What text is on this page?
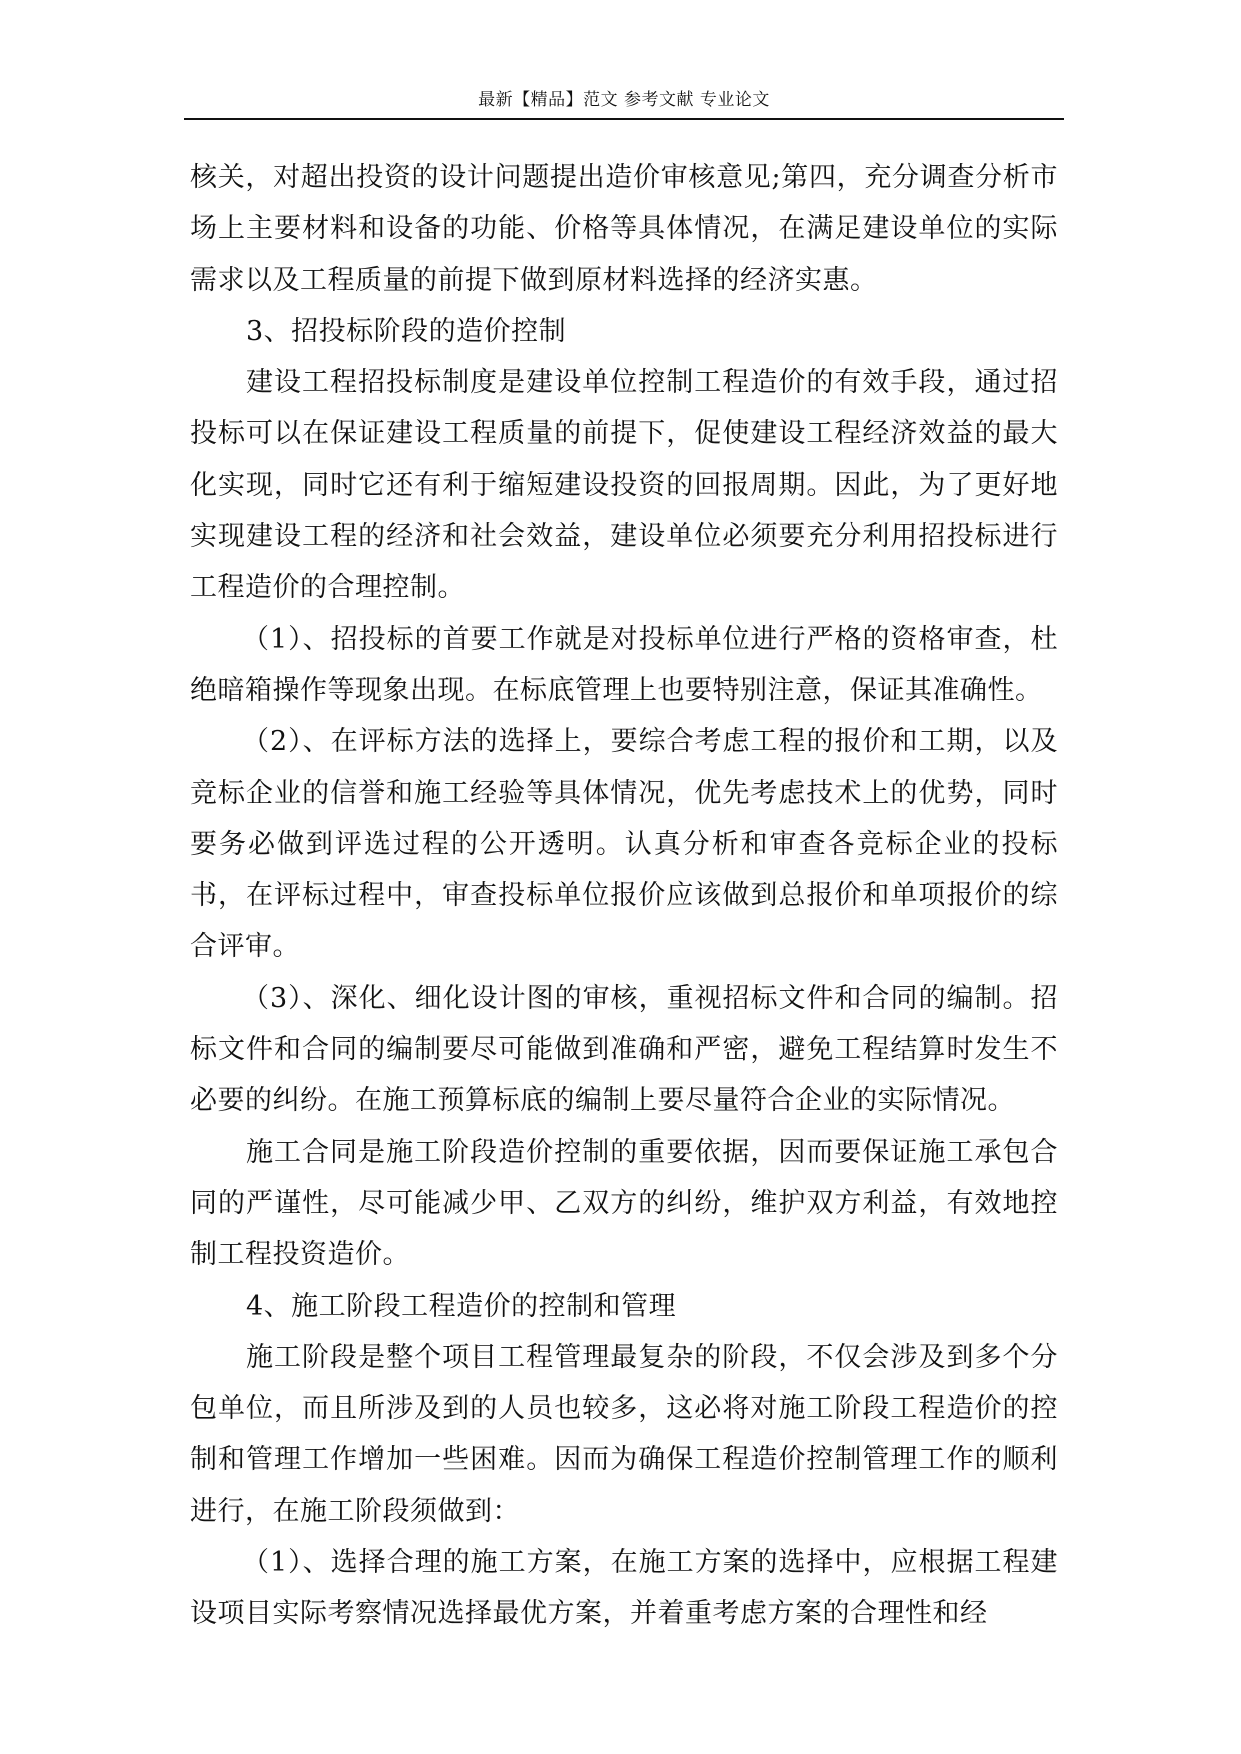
最新【精品】范文 参考文献 专业论文

核关，对超出投资的设计问题提出造价审核意见;第四，充分调查分析市场上主要材料和设备的功能、价格等具体情况，在满足建设单位的实际需求以及工程质量的前提下做到原材料选择的经济实惠。

3、招投标阶段的造价控制

建设工程招投标制度是建设单位控制工程造价的有效手段，通过招投标可以在保证建设工程质量的前提下，促使建设工程经济效益的最大化实现，同时它还有利于缩短建设投资的回报周期。因此，为了更好地实现建设工程的经济和社会效益，建设单位必须要充分利用招投标进行工程造价的合理控制。

（1）、招投标的首要工作就是对投标单位进行严格的资格审查，杜绝暗箱操作等现象出现。在标底管理上也要特别注意，保证其准确性。

（2）、在评标方法的选择上，要综合考虑工程的报价和工期，以及竞标企业的信誉和施工经验等具体情况，优先考虑技术上的优势，同时要务必做到评选过程的公开透明。认真分析和审查各竞标企业的投标书，在评标过程中，审查投标单位报价应该做到总报价和单项报价的综合评审。

（3）、深化、细化设计图的审核，重视招标文件和合同的编制。招标文件和合同的编制要尽可能做到准确和严密，避免工程结算时发生不必要的纠纷。在施工预算标底的编制上要尽量符合企业的实际情况。

施工合同是施工阶段造价控制的重要依据，因而要保证施工承包合同的严谨性，尽可能减少甲、乙双方的纠纷，维护双方利益，有效地控制工程投资造价。

4、施工阶段工程造价的控制和管理

施工阶段是整个项目工程管理最复杂的阶段，不仅会涉及到多个分包单位，而且所涉及到的人员也较多，这必将对施工阶段工程造价的控制和管理工作增加一些困难。因而为确保工程造价控制管理工作的顺利进行，在施工阶段须做到：

（1）、选择合理的施工方案，在施工方案的选择中，应根据工程建设项目实际考察情况选择最优方案，并着重考虑方案的合理性和经
